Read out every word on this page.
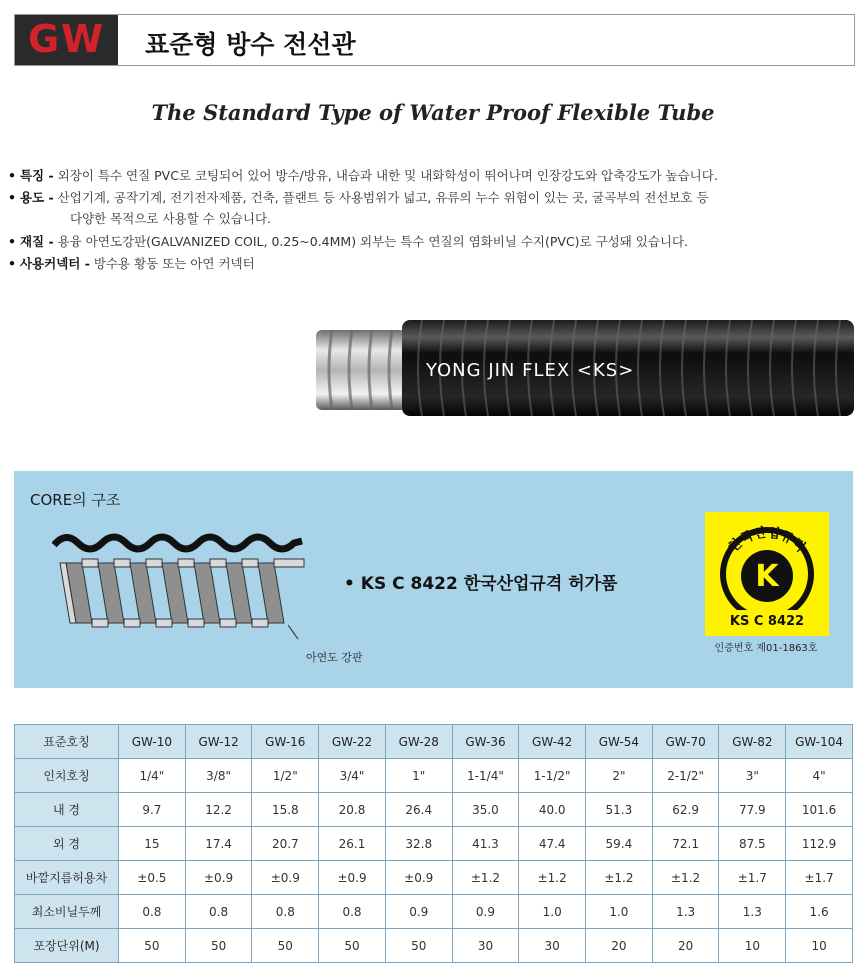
GW	표준형 방수 전선관
The Standard Type of Water Proof Flexible Tube
• 특징 - 외장이 특수 연질 PVC로 코팅되어 있어 방수/방유, 내습과 내한 및 내화학성이 뛰어나며 인장강도와 압축강도가 높습니다.
• 용도 - 산업기계, 공작기계, 전기전자제품, 건축, 플랜트 등 사용범위가 넓고, 유류의 누수 위험이 있는 곳, 굴곡부의 전선보호 등
다양한 목적으로 사용할 수 있습니다.
• 재질 - 용융 아연도강판(GALVANIZED COIL, 0.25~0.4MM) 외부는 특수 연질의 염화비닐 수지(PVC)로 구성돼 있습니다.
• 사용커넥터 - 방수용 황동 또는 아연 커넥터
YONG JIN FLEX <KS>
CORE의 구조
아연도 강판
• KS C 8422 한국산업규격 허가품	K
한국산업규격
KS C 8422
인증번호 제01-1863호
표준호칭	GW-10	GW-12	GW-16	GW-22	GW-28	GW-36	GW-42	GW-54	GW-70	GW-82	GW-104
인치호칭	1/4"	3/8"	1/2"	3/4"	1"	1-1/4"	1-1/2"	2"	2-1/2"	3"	4"
내 경	9.7	12.2	15.8	20.8	26.4	35.0	40.0	51.3	62.9	77.9	101.6
외 경	15	17.4	20.7	26.1	32.8	41.3	47.4	59.4	72.1	87.5	112.9
바깥지름허용차	±0.5	±0.9	±0.9	±0.9	±0.9	±1.2	±1.2	±1.2	±1.2	±1.7	±1.7
최소비닐두께	0.8	0.8	0.8	0.8	0.9	0.9	1.0	1.0	1.3	1.3	1.6
포장단위(M)	50	50	50	50	50	30	30	20	20	10	10
